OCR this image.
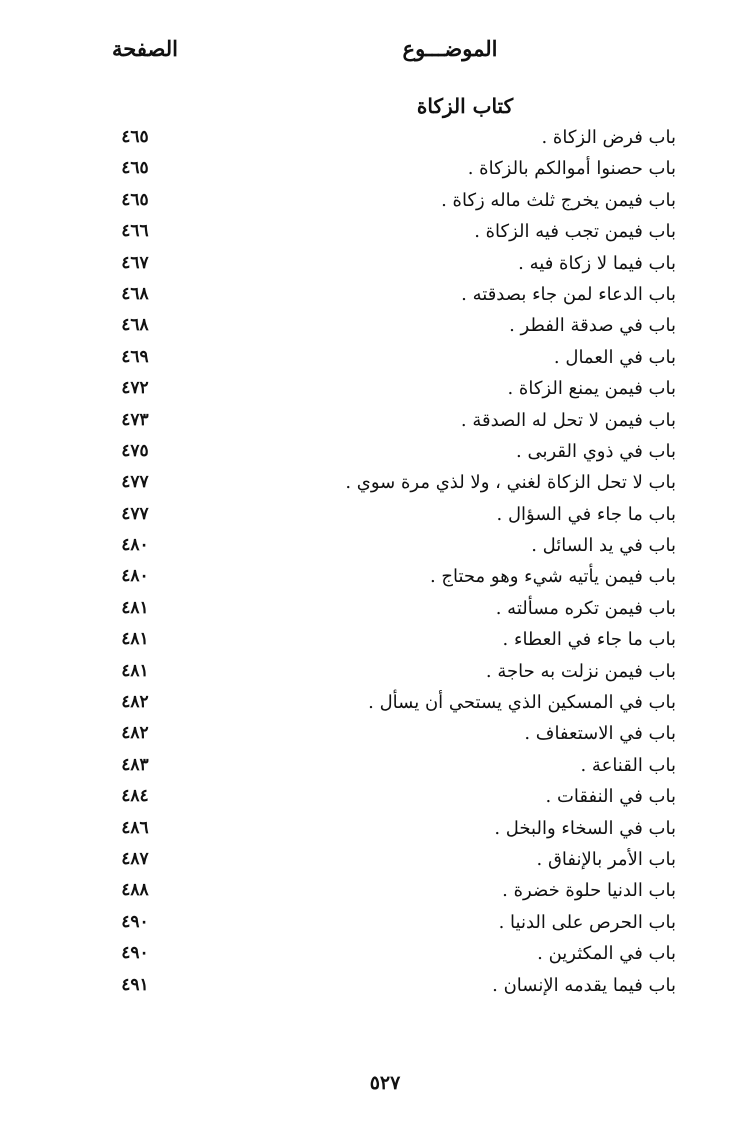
الموضـــوع
الصفحة
كتاب الزكاة
باب فرض الزكاة .
٤٦٥
باب حصنوا أموالكم بالزكاة .
٤٦٥
باب فيمن يخرج ثلث ماله زكاة .
٤٦٥
باب فيمن تجب فيه الزكاة .
٤٦٦
باب فيما لا زكاة فيه .
٤٦٧
باب الدعاء لمن جاء بصدقته .
٤٦٨
باب في صدقة الفطر .
٤٦٨
باب في العمال .
٤٦٩
باب فيمن يمنع الزكاة .
٤٧٢
باب فيمن لا تحل له الصدقة .
٤٧٣
باب في ذوي القربى .
٤٧٥
باب لا تحل الزكاة لغني ، ولا لذي مرة سوي .
٤٧٧
باب ما جاء في السؤال .
٤٧٧
باب في يد السائل .
٤٨٠
باب فيمن يأتيه شيء وهو محتاج .
٤٨٠
باب فيمن تكره مسألته .
٤٨١
باب ما جاء في العطاء .
٤٨١
باب فيمن نزلت به حاجة .
٤٨١
باب في المسكين الذي يستحي أن يسأل .
٤٨٢
باب في الاستعفاف .
٤٨٢
باب القناعة .
٤٨٣
باب في النفقات .
٤٨٤
باب في السخاء والبخل .
٤٨٦
باب الأمر بالإنفاق .
٤٨٧
باب الدنيا حلوة خضرة .
٤٨٨
باب الحرص على الدنيا .
٤٩٠
باب في المكثرين .
٤٩٠
باب فيما يقدمه الإنسان .
٤٩١
٥٢٧
